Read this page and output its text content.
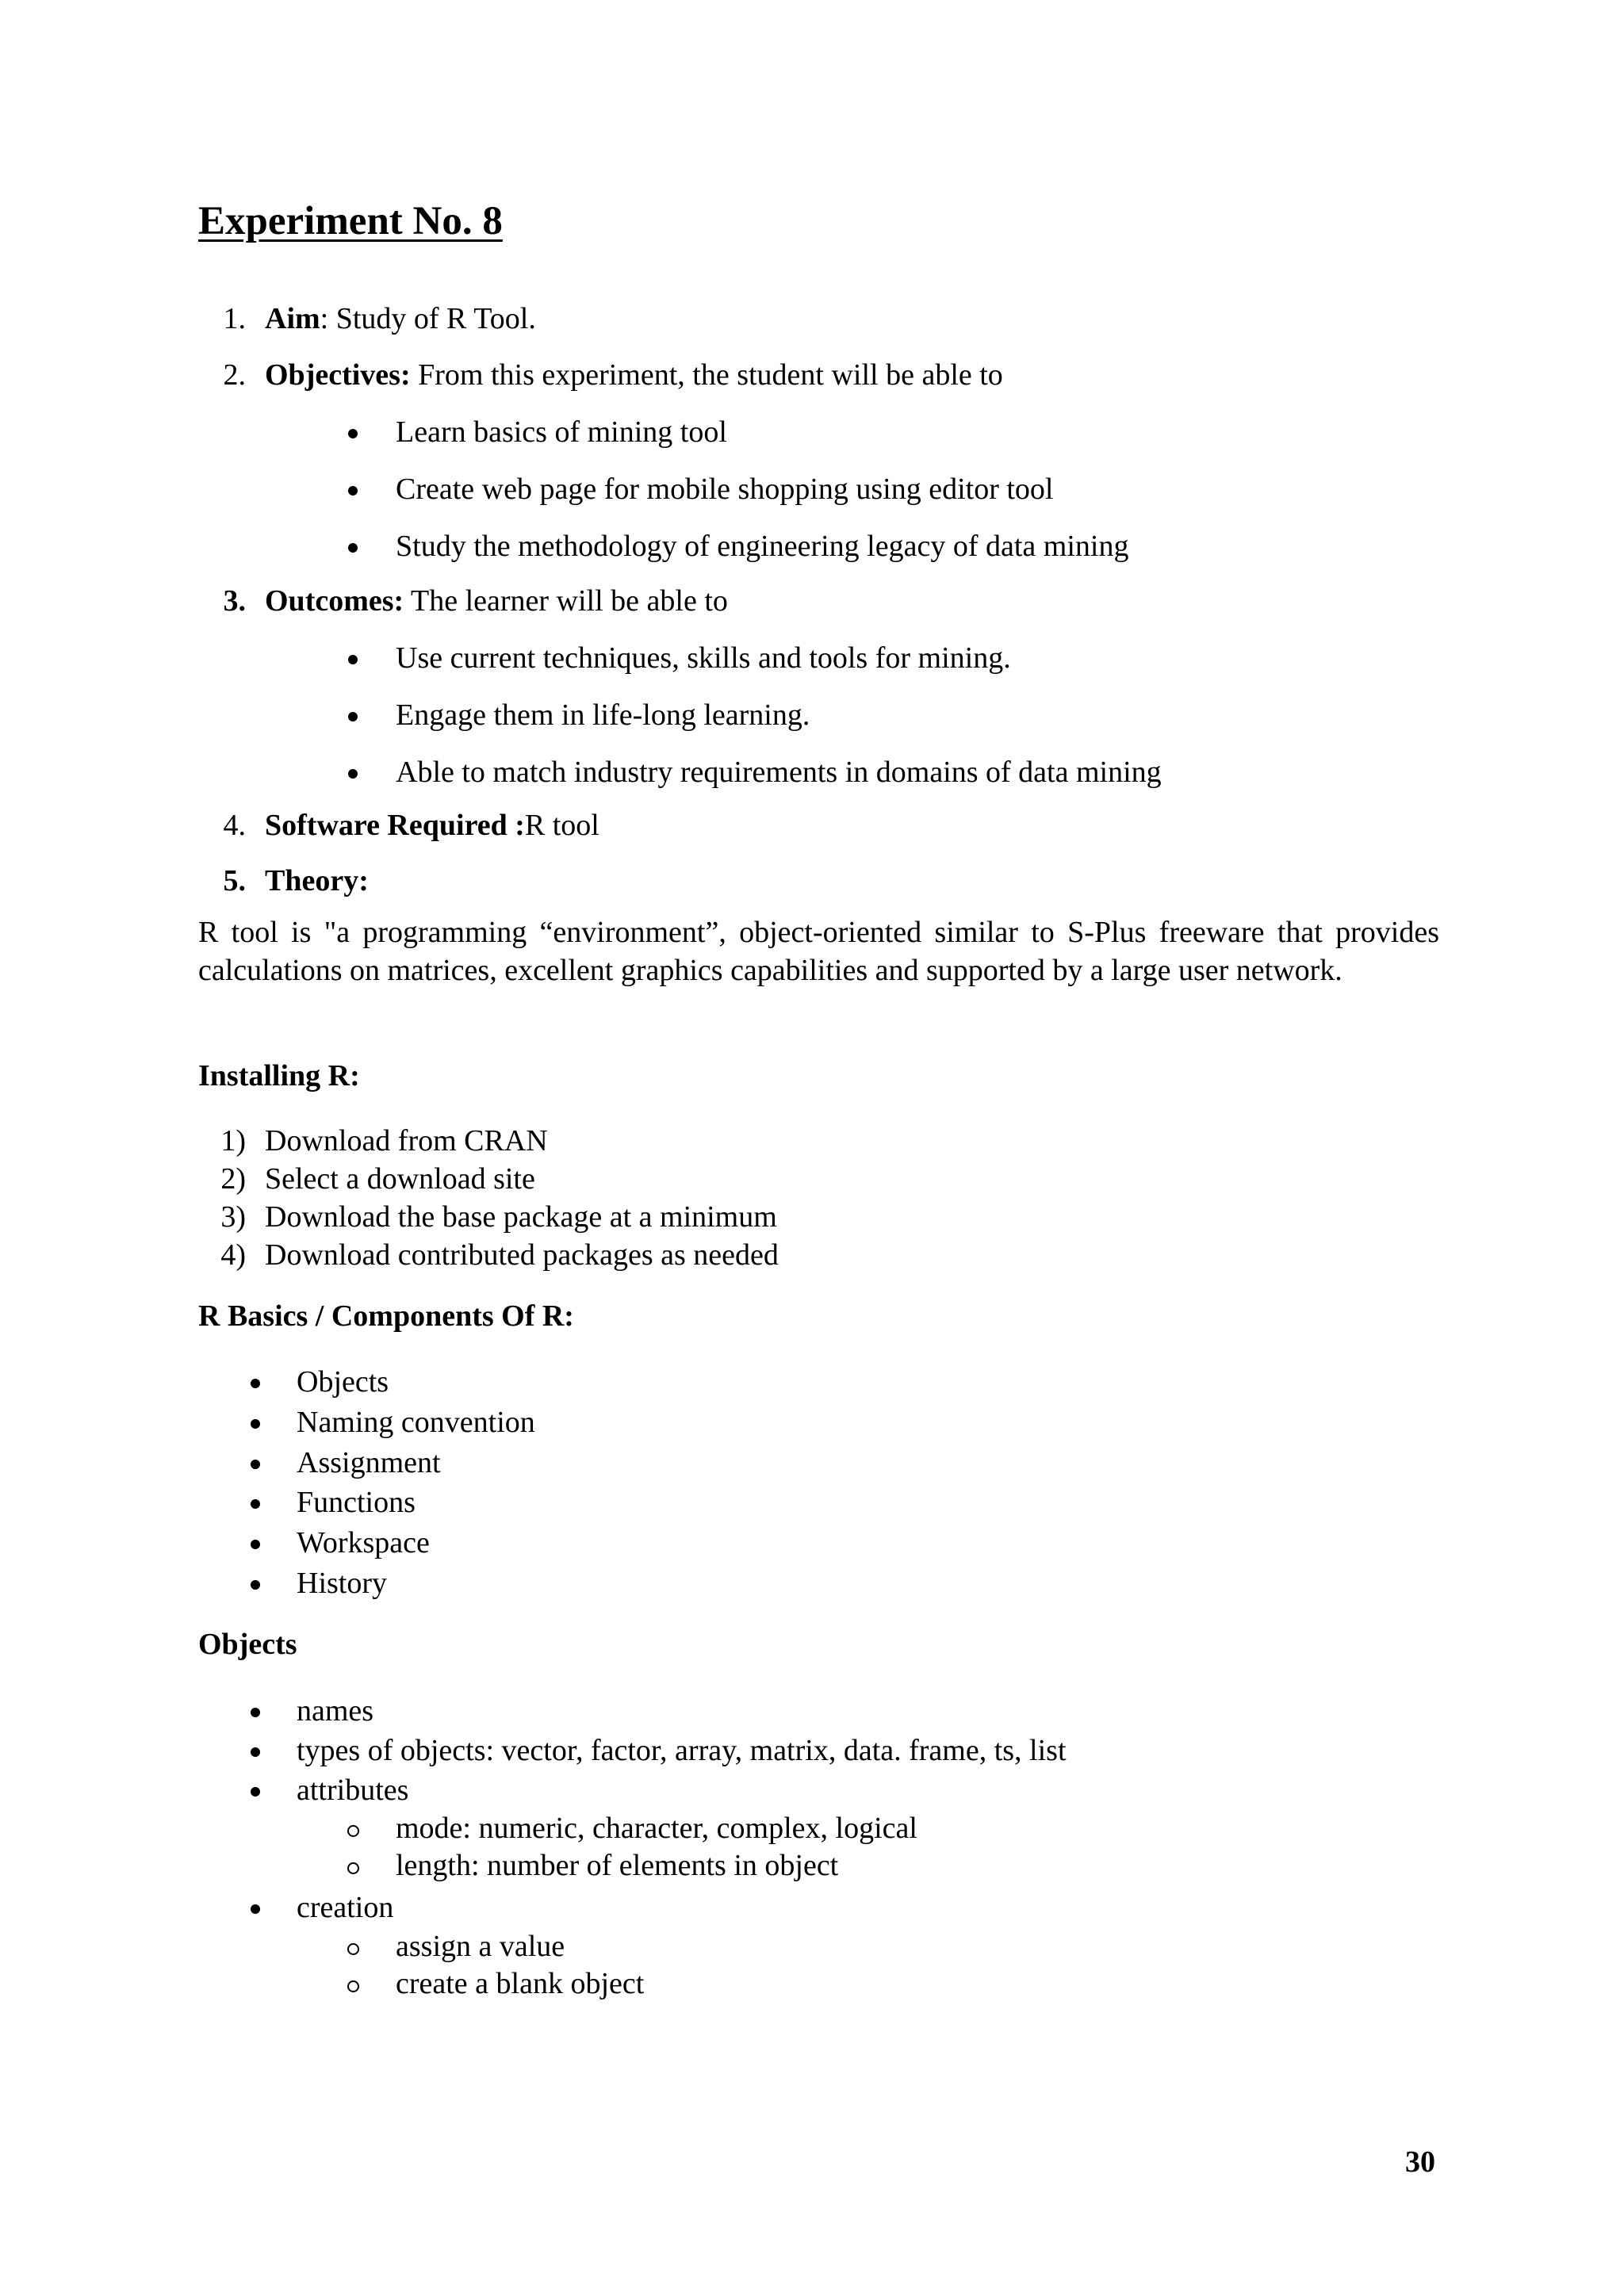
Experiment No. 8
1. Aim: Study of R Tool.
2. Objectives: From this experiment, the student will be able to
Learn basics of mining tool
Create web page for mobile shopping using editor tool
Study the methodology of engineering legacy of data mining
3. Outcomes: The learner will be able to
Use current techniques, skills and tools for mining.
Engage them in life-long learning.
Able to match industry requirements in domains of data mining
4. Software Required :R tool
5. Theory:
R tool is "a programming “environment”, object-oriented similar to S-Plus freeware that provides calculations on matrices, excellent graphics capabilities and supported by a large user network.
Installing R:
1) Download from CRAN
2) Select a download site
3) Download the base package at a minimum
4) Download contributed packages as needed
R Basics / Components Of R:
Objects
Naming convention
Assignment
Functions
Workspace
History
Objects
names
types of objects: vector, factor, array, matrix, data. frame, ts, list
attributes
mode: numeric, character, complex, logical
length: number of elements in object
creation
assign a value
create a blank object
30
